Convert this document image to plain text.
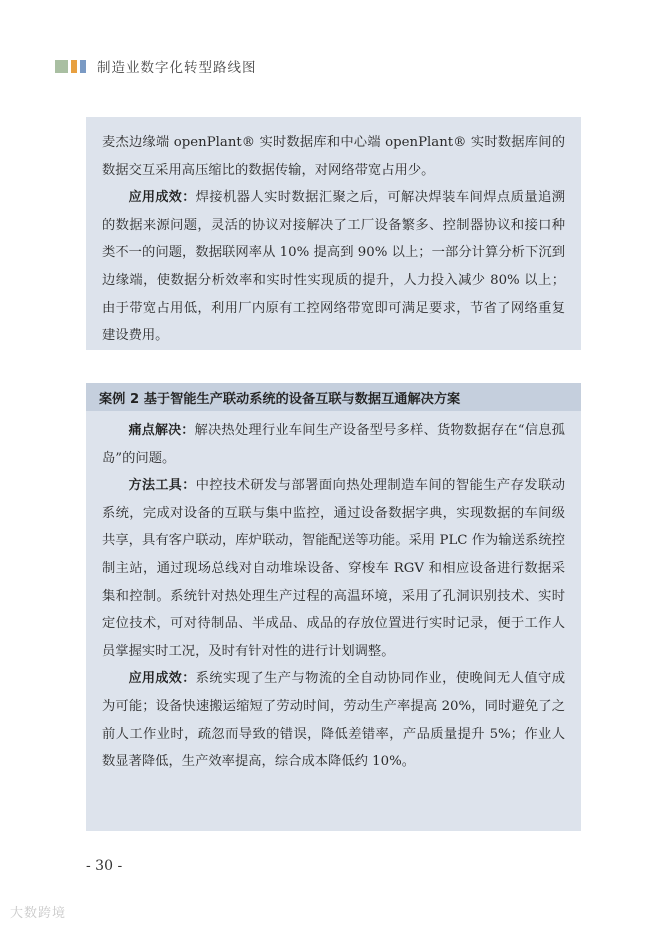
制造业数字化转型路线图

麦杰边缘端 openPlant® 实时数据库和中心端 openPlant® 实时数据库间的数据交互采用高压缩比的数据传输，对网络带宽占用少。

应用成效：焊接机器人实时数据汇聚之后，可解决焊装车间焊点质量追溯的数据来源问题，灵活的协议对接解决了工厂设备繁多、控制器协议和接口种类不一的问题，数据联网率从 10% 提高到 90% 以上；一部分计算分析下沉到边缘端，使数据分析效率和实时性实现质的提升，人力投入减少 80% 以上；由于带宽占用低，利用厂内原有工控网络带宽即可满足要求，节省了网络重复建设费用。

案例 2 基于智能生产联动系统的设备互联与数据互通解决方案

痛点解决：解决热处理行业车间生产设备型号多样、货物数据存在“信息孤岛”的问题。

方法工具：中控技术研发与部署面向热处理制造车间的智能生产存发联动系统，完成对设备的互联与集中监控，通过设备数据字典，实现数据的车间级共享，具有客户联动，库炉联动，智能配送等功能。采用 PLC 作为输送系统控制主站，通过现场总线对自动堆垛设备、穿梭车 RGV 和相应设备进行数据采集和控制。系统针对热处理生产过程的高温环境，采用了孔洞识别技术、实时定位技术，可对待制品、半成品、成品的存放位置进行实时记录，便于工作人员掌握实时工况，及时有针对性的进行计划调整。

应用成效：系统实现了生产与物流的全自动协同作业，使晚间无人值守成为可能；设备快速搬运缩短了劳动时间，劳动生产率提高 20%，同时避免了之前人工作业时，疏忽而导致的错误，降低差错率，产品质量提升 5%；作业人数显著降低，生产效率提高，综合成本降低约 10%。

- 30 -
大数跨境
